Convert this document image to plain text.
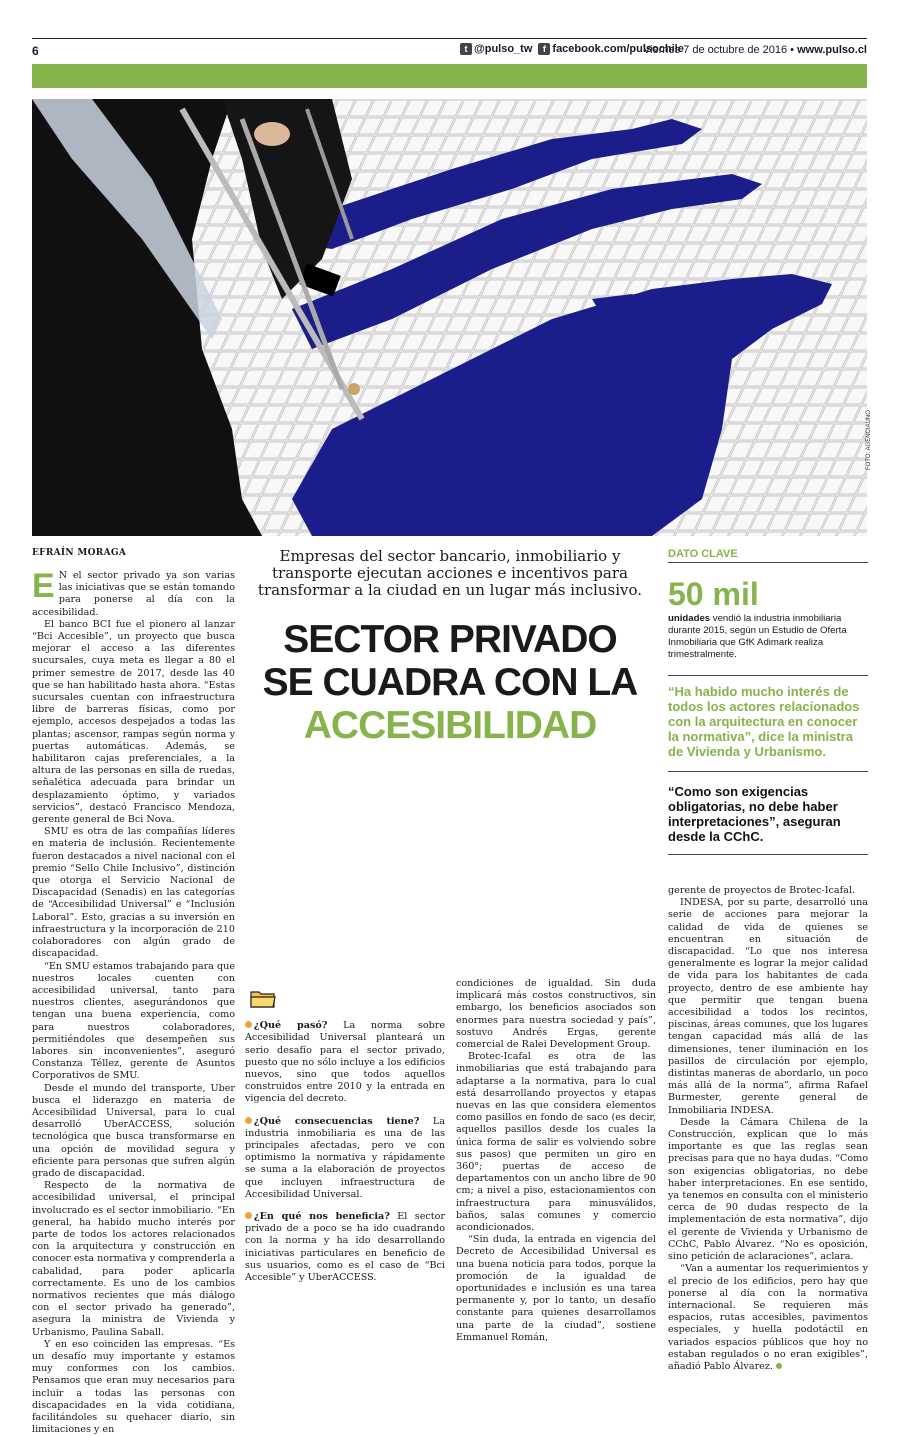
6	t @pulso_tw	f facebook.com/pulsochile
Viernes 7 de octubre de 2016 • www.pulso.cl
FOTO: AGENCIAUNO
EFRAÍN MORAGA

E N el sector privado ya son varias las iniciativas que se están tomando para ponerse al día con la accesibilidad.

El banco BCI fue el pionero al lanzar “Bci Accesible”, un proyecto que busca mejorar el acceso a las diferentes sucursales, cuya meta es llegar a 80 el primer semestre de 2017, desde las 40 que se han habilitado hasta ahora. “Estas sucursales cuentan con infraestructura libre de barreras físicas, como por ejemplo, accesos despejados a todas las plantas; ascensor, rampas según norma y puertas automáticas. Además, se habilitaron cajas preferenciales, a la altura de las personas en silla de ruedas, señalética adecuada para brindar un desplazamiento óptimo, y variados servicios”, destacó Francisco Mendoza, gerente general de Bci Nova.

SMU es otra de las compañías líderes en materia de inclusión. Recientemente fueron destacados a nivel nacional con el premio “Sello Chile Inclusivo”, distinción que otorga el Servicio Nacional de Discapacidad (Senadis) en las categorías de “Accesibilidad Universal” e “Inclusión Laboral”. Esto, gracias a su inversión en infraestructura y la incorporación de 210 colaboradores con algún grado de discapacidad.

“En SMU estamos trabajando para que nuestros locales cuenten con accesibilidad universal, tanto para nuestros clientes, asegurándonos que tengan una buena experiencia, como para nuestros colaboradores, permitiéndoles que desempeñen sus labores sin inconvenientes”, aseguró Constanza Téllez, gerente de Asuntos Corporativos de SMU.

Desde el mundo del transporte, Uber busca el liderazgo en materia de Accesibilidad Universal, para lo cual desarrolló UberACCESS, solución tecnológica que busca transformarse en una opción de movilidad segura y eficiente para personas que sufren algún grado de discapacidad.

Respecto de la normativa de accesibilidad universal, el principal involucrado es el sector inmobiliario. “En general, ha habido mucho interés por parte de todos los actores relacionados con la arquitectura y construcción en conocer esta normativa y comprenderla a cabalidad, para poder aplicarla correctamente. Es uno de los cambios normativos recientes que más diálogo con el sector privado ha generado”, asegura la ministra de Vivienda y Urbanismo, Paulina Saball.

Y en eso coinciden las empresas. “Es un desafío muy importante y estamos muy conformes con los cambios. Pensamos que eran muy necesarios para incluir a todas las personas con discapacidades en la vida cotidiana, facilitándoles su quehacer diario, sin limitaciones y en

Empresas del sector bancario, inmobiliario y transporte ejecutan acciones e incentivos para transformar a la ciudad en un lugar más inclusivo.
SECTOR PRIVADO
SE CUADRA CON LA
ACCESIBILIDAD
DATO CLAVE
50 mil
unidades vendió la industria inmobiliaria durante 2015, según un Estudio de Oferta Inmobiliaria que GfK Adimark realiza trimestralmente.
“Ha habido mucho interés de todos los actores relacionados con la arquitectura en conocer la normativa”, dice la ministra de Vivienda y Urbanismo.
“Como son exigencias obligatorias, no debe haber interpretaciones”, aseguran desde la CChC.

gerente de proyectos de Brotec-Icafal.

INDESA, por su parte, desarrolló una serie de acciones para mejorar la calidad de vida de quienes se encuentran en situación de discapacidad. “Lo que nos interesa generalmente es lograr la mejor calidad de vida para los habitantes de cada proyecto, dentro de ese ambiente hay que permitir que tengan buena accesibilidad a todos los recintos, piscinas, áreas comunes, que los lugares tengan capacidad más allá de las dimensiones, tener iluminación en los pasillos de circulación por ejemplo, distintas maneras de abordarlo, un poco más allá de la norma”, afirma Rafael Burmester, gerente general de Inmobiliaria INDESA.

Desde la Cámara Chilena de la Construcción, explican que lo más importante es que las reglas sean precisas para que no haya dudas. “Como son exigencias obligatorias, no debe haber interpretaciones. En ese sentido, ya tenemos en consulta con el ministerio cerca de 90 dudas respecto de la implementación de esta normativa”, dijo el gerente de Vivienda y Urbanismo de CChC, Pablo Álvarez. “No es oposición, sino petición de aclaraciones”, aclara.

“Van a aumentar los requerimientos y el precio de los edificios, pero hay que ponerse al día con la normativa internacional. Se requieren más espacios, rutas accesibles, pavimentos especiales, y huella podotáctil en variados espacios públicos que hoy no estaban regulados o no eran exigibles”, añadió Pablo Álvarez.

¿Qué pasó? La norma sobre Accesibilidad Universal planteará un serio desafío para el sector privado, puesto que no sólo incluye a los edificios nuevos, sino que todos aquellos construidos entre 2010 y la entrada en vigencia del decreto.
¿Qué consecuencias tiene? La industria inmobiliaria es una de las principales afectadas, pero ve con optimismo la normativa y rápidamente se suma a la elaboración de proyectos que incluyen infraestructura de Accesibilidad Universal.
¿En qué nos beneficia? El sector privado de a poco se ha ido cuadrando con la norma y ha ido desarrollando iniciativas particulares en beneficio de sus usuarios, como es el caso de “Bci Accesible” y UberACCESS.

condiciones de igualdad. Sin duda implicará más costos constructivos, sin embargo, los beneficios asociados son enormes para nuestra sociedad y país”, sostuvo Andrés Ergas, gerente comercial de Ralei Development Group.

Brotec-Icafal es otra de las inmobiliarias que está trabajando para adaptarse a la normativa, para lo cual está desarrollando proyectos y etapas nuevas en las que considera elementos como pasillos en fondo de saco (es decir, aquellos pasillos desde los cuales la única forma de salir es volviendo sobre sus pasos) que permiten un giro en 360°; puertas de acceso de departamentos con un ancho libre de 90 cm; a nivel a piso, estacionamientos con infraestructura para minusválidos, baños, salas comunes y comercio acondicionados.

“Sin duda, la entrada en vigencia del Decreto de Accesibilidad Universal es una buena noticia para todos, porque la promoción de la igualdad de oportunidades e inclusión es una tarea permanente y, por lo tanto, un desafío constante para quienes desarrollamos una parte de la ciudad”, sostiene Emmanuel Román,
